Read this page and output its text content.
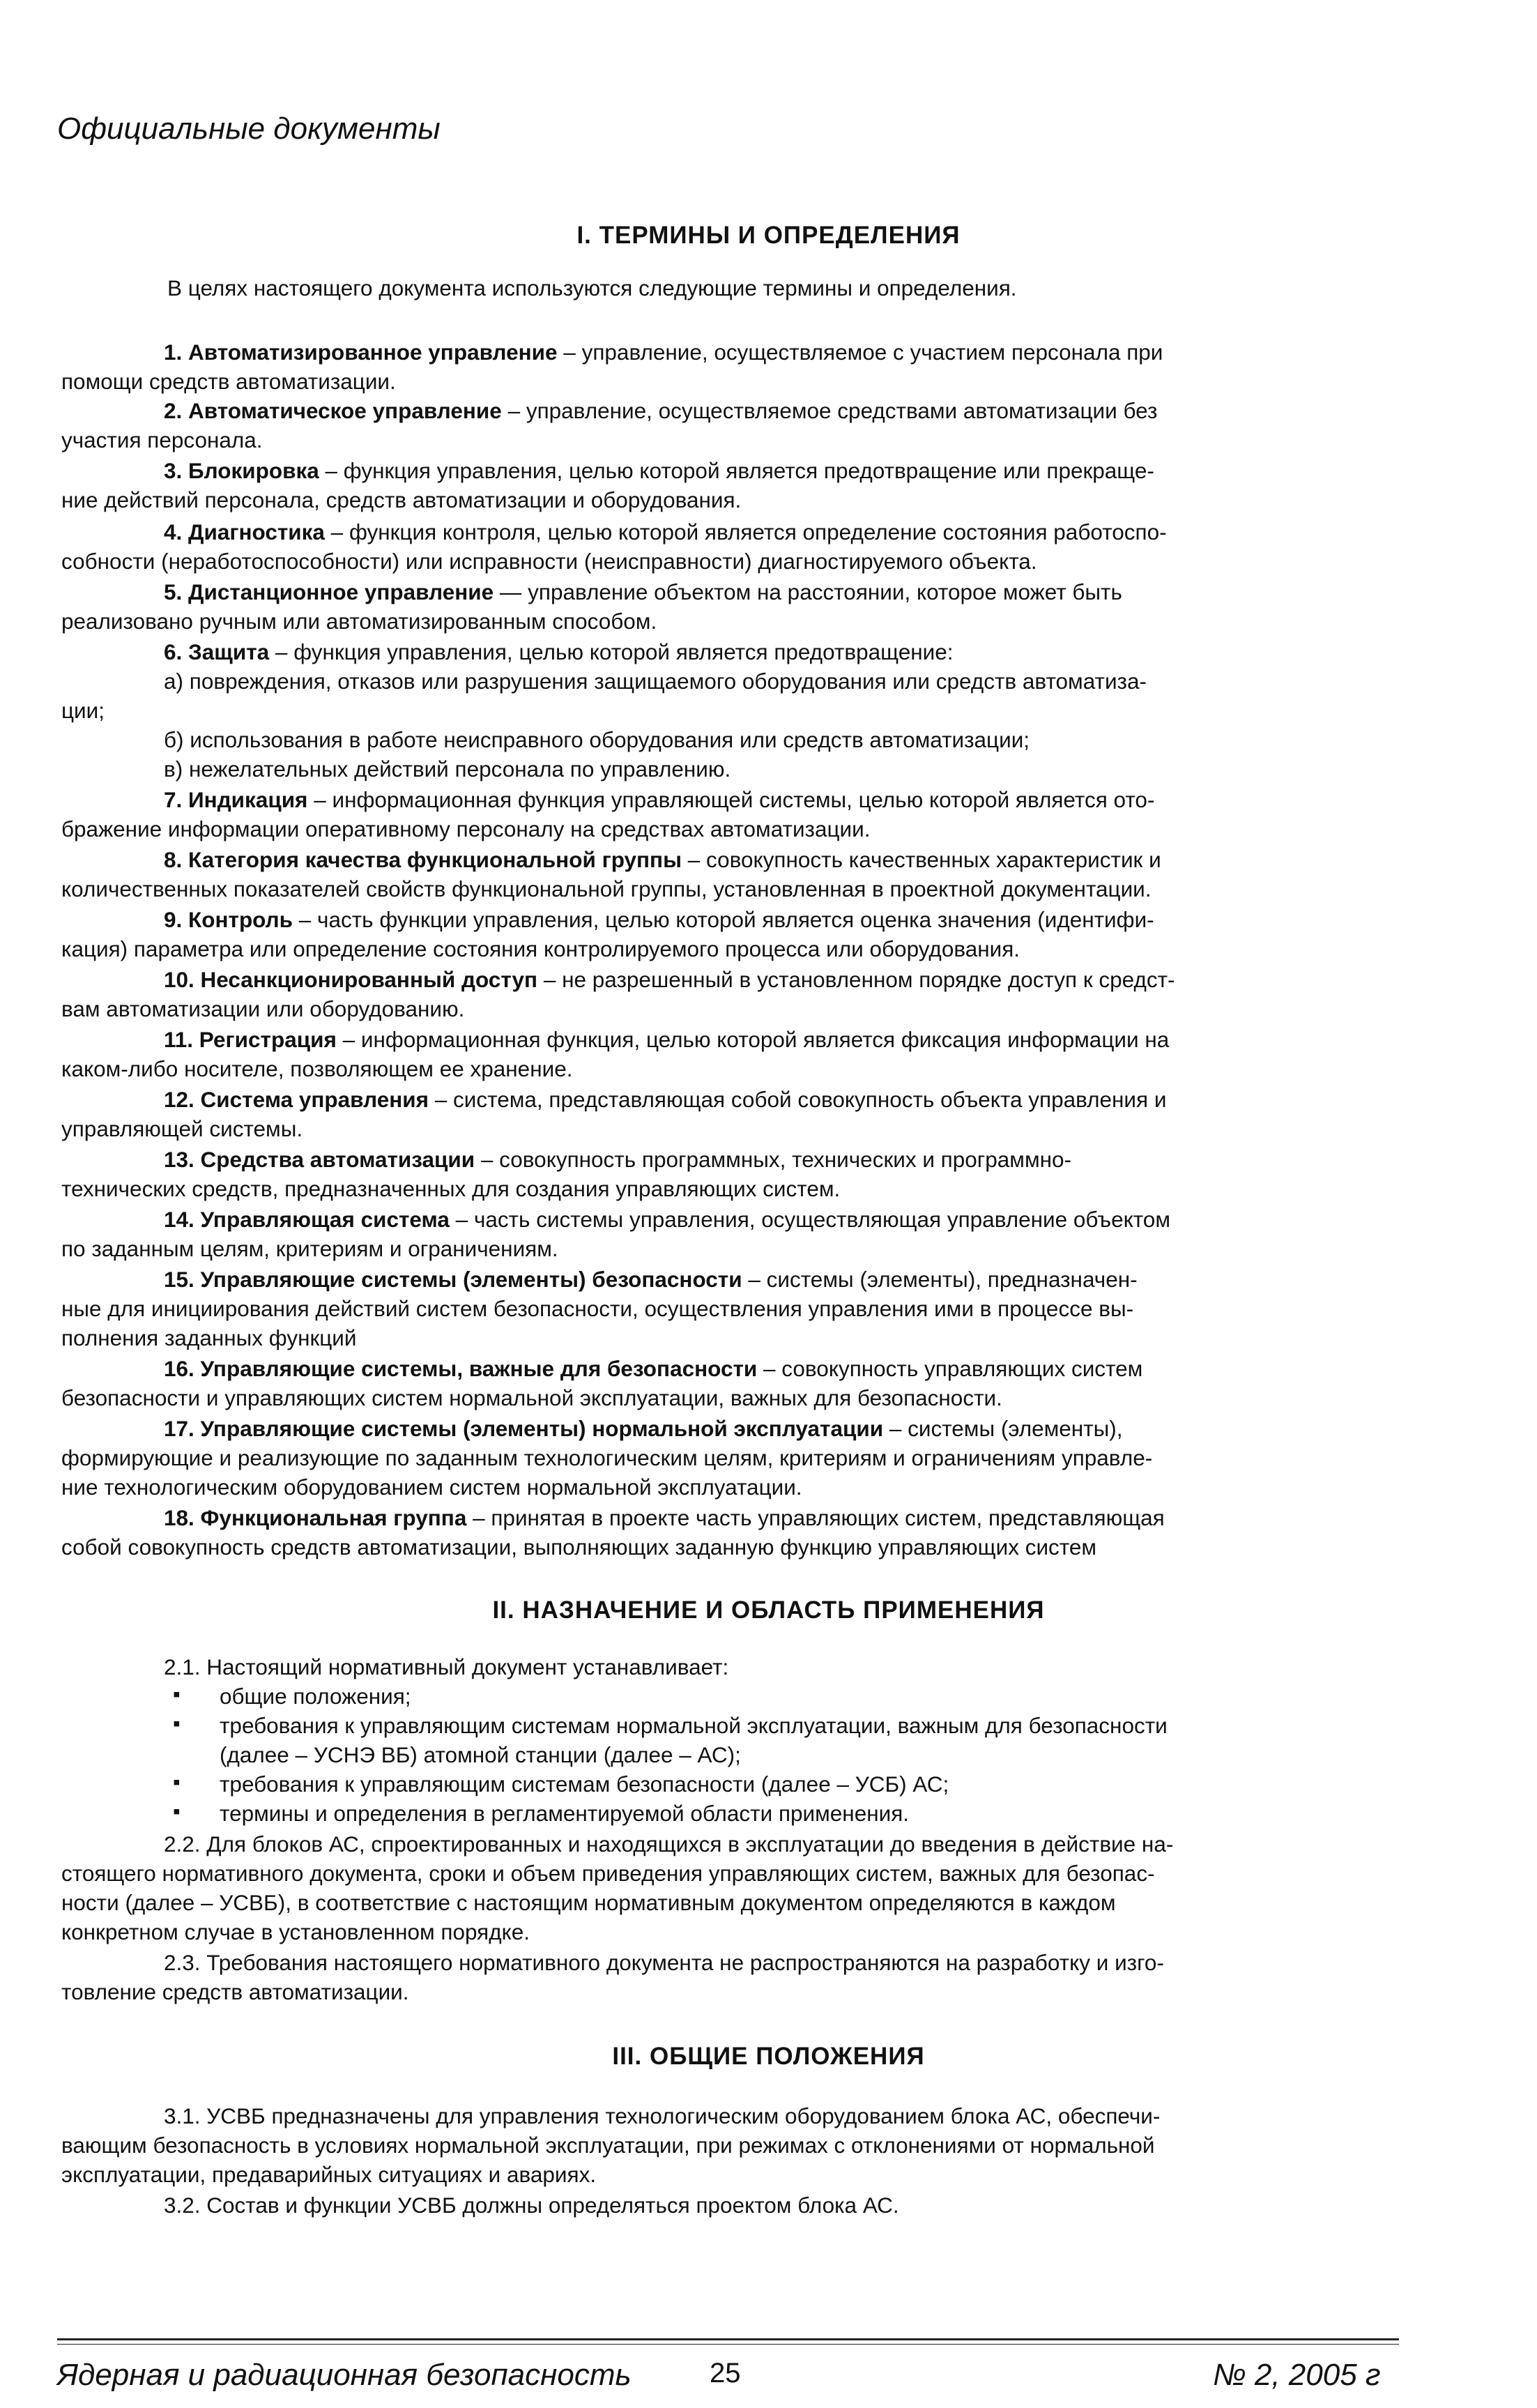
Официальные документы
I. ТЕРМИНЫ И ОПРЕДЕЛЕНИЯ
В целях настоящего документа используются следующие термины и определения.
1. Автоматизированное управление – управление, осуществляемое с участием персонала при
помощи средств автоматизации.
2. Автоматическое управление – управление, осуществляемое средствами автоматизации без
участия персонала.
3. Блокировка – функция управления, целью которой является предотвращение или прекраще-
ние действий персонала, средств автоматизации и оборудования.
4. Диагностика – функция контроля, целью которой является определение состояния работоспо-
собности (неработоспособности) или исправности (неисправности) диагностируемого объекта.
5. Дистанционное управление — управление объектом на расстоянии, которое может быть
реализовано ручным или автоматизированным способом.
6. Защита – функция управления, целью которой является предотвращение:
а) повреждения, отказов или разрушения защищаемого оборудования или средств автоматиза-
ции;
б) использования в работе неисправного оборудования или средств автоматизации;
в) нежелательных действий персонала по управлению.
7. Индикация – информационная функция управляющей системы, целью которой является ото-
бражение информации оперативному персоналу на средствах автоматизации.
8. Категория качества функциональной группы – совокупность качественных характеристик и
количественных показателей свойств функциональной группы, установленная в проектной документации.
9. Контроль – часть функции управления, целью которой является оценка значения (идентифи-
кация) параметра или определение состояния контролируемого процесса или оборудования.
10. Несанкционированный доступ – не разрешенный в установленном порядке доступ к средст-
вам автоматизации или оборудованию.
11. Регистрация – информационная функция, целью которой является фиксация информации на
каком-либо носителе, позволяющем ее хранение.
12. Система управления – система, представляющая собой совокупность объекта управления и
управляющей системы.
13. Средства автоматизации – совокупность программных, технических и программно-
технических средств, предназначенных для создания управляющих систем.
14. Управляющая система – часть системы управления, осуществляющая управление объектом
по заданным целям, критериям и ограничениям.
15. Управляющие системы (элементы) безопасности – системы (элементы), предназначен-
ные для инициирования действий систем безопасности, осуществления управления ими в процессе вы-
полнения заданных функций
16. Управляющие системы, важные для безопасности – совокупность управляющих систем
безопасности и управляющих систем нормальной эксплуатации, важных для безопасности.
17. Управляющие системы (элементы) нормальной эксплуатации – системы (элементы),
формирующие и реализующие по заданным технологическим целям, критериям и ограничениям управле-
ние технологическим оборудованием систем нормальной эксплуатации.
18. Функциональная группа – принятая в проекте часть управляющих систем, представляющая
собой совокупность средств автоматизации, выполняющих заданную функцию управляющих систем
II. НАЗНАЧЕНИЕ И ОБЛАСТЬ ПРИМЕНЕНИЯ
2.1. Настоящий нормативный документ устанавливает:
▪ общие положения;
▪ требования к управляющим системам нормальной эксплуатации, важным для безопасности
(далее – УСНЭ ВБ) атомной станции (далее – АС);
▪ требования к управляющим системам безопасности (далее – УСБ) АС;
▪ термины и определения в регламентируемой области применения.
2.2. Для блоков АС, спроектированных и находящихся в эксплуатации до введения в действие на-
стоящего нормативного документа, сроки и объем приведения управляющих систем, важных для безопас-
ности (далее – УСВБ), в соответствие с настоящим нормативным документом определяются в каждом
конкретном случае в установленном порядке.
2.3. Требования настоящего нормативного документа не распространяются на разработку и изго-
товление средств автоматизации.
III. ОБЩИЕ ПОЛОЖЕНИЯ
3.1. УСВБ предназначены для управления технологическим оборудованием блока АС, обеспечи-
вающим безопасность в условиях нормальной эксплуатации, при режимах с отклонениями от нормальной
эксплуатации, предаварийных ситуациях и авариях.
3.2. Состав и функции УСВБ должны определяться проектом блока АС.
Ядерная и радиационная безопасность	25	№ 2, 2005 г
